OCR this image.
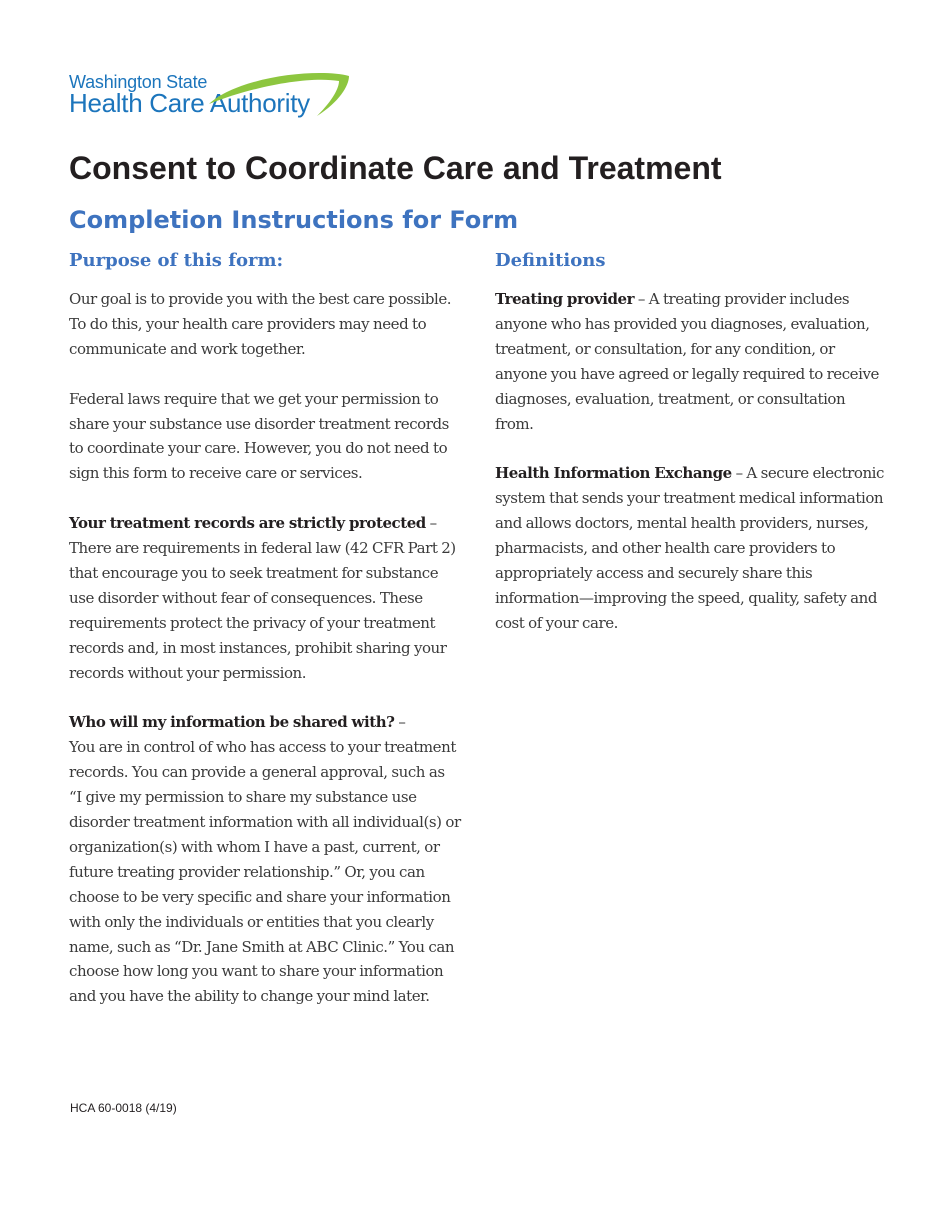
Washington State
Health Care Authority
Consent to Coordinate Care and Treatment
Completion Instructions for Form
Purpose of this form:

Our goal is to provide you with the best care possible. To do this, your health care providers may need to communicate and work together.

Federal laws require that we get your permission to share your substance use disorder treatment records to coordinate your care. However, you do not need to sign this form to receive care or services.

Your treatment records are strictly protected –
There are requirements in federal law (42 CFR Part 2) that encourage you to seek treatment for substance use disorder without fear of consequences. These requirements protect the privacy of your treatment records and, in most instances, prohibit sharing your records without your permission.

Who will my information be shared with? –
You are in control of who has access to your treatment records. You can provide a general approval, such as “I give my permission to share my substance use disorder treatment information with all individual(s) or organization(s) with whom I have a past, current, or future treating provider relationship.” Or, you can choose to be very specific and share your information with only the individuals or entities that you clearly name, such as “Dr. Jane Smith at ABC Clinic.” You can choose how long you want to share your information and you have the ability to change your mind later.

Definitions

Treating provider – A treating provider includes anyone who has provided you diagnoses, evaluation, treatment, or consultation, for any condition, or anyone you have agreed or legally required to receive diagnoses, evaluation, treatment, or consultation from.

Health Information Exchange – A secure electronic system that sends your treatment medical information and allows doctors, mental health providers, nurses, pharmacists, and other health care providers to appropriately access and securely share this information—improving the speed, quality, safety and cost of your care.

HCA 60-0018 (4/19)
